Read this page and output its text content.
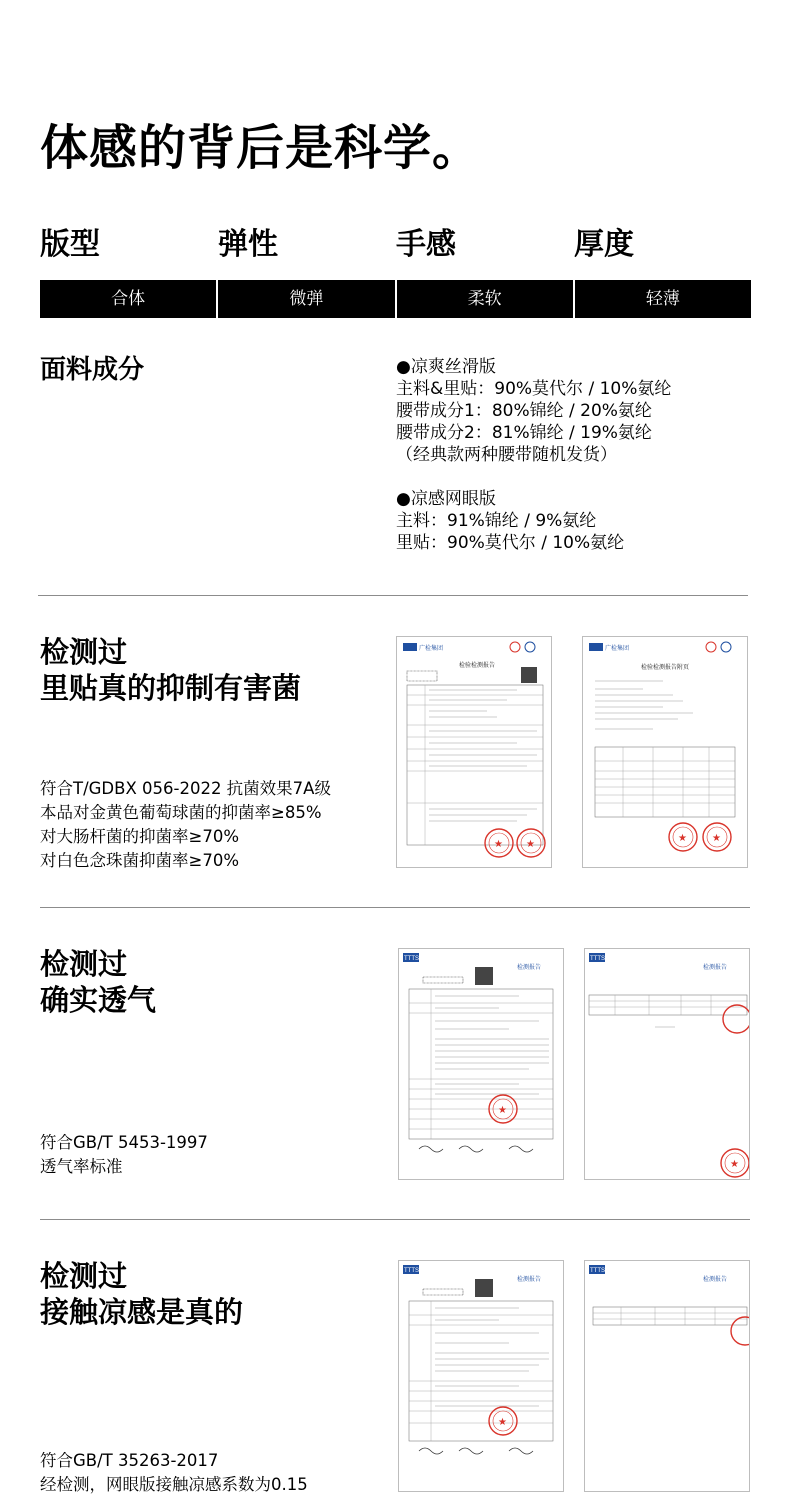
体感的背后是科学。
版型	弹性	手感	厚度
合体	微弹	柔软	轻薄
面料成分	●凉爽丝滑版

主料&里贴：90%莫代尔 / 10%氨纶

腰带成分1：80%锦纶 / 20%氨纶

腰带成分2：81%锦纶 / 19%氨纶

（经典款两种腰带随机发货）

●凉感网眼版

主料：91%锦纶 / 9%氨纶

里贴：90%莫代尔 / 10%氨纶

检测过

里贴真的抑制有害菌

符合T/GDBX 056-2022 抗菌效果7A级

本品对金黄色葡萄球菌的抑菌率≥85%

对大肠杆菌的抑菌率≥70%

对白色念珠菌抑菌率≥70%

广检集团
检验检测报告
★ ★
广检集团
检验检测报告附页
★	★

检测过

确实透气

符合GB/T 5453-1997

透气率标准

TTTS
检测报告
★
TTTS
检测报告
★

检测过

接触凉感是真的

符合GB/T 35263-2017

经检测，网眼版接触凉感系数为0.15

TTTS
检测报告
★
TTTS
检测报告
